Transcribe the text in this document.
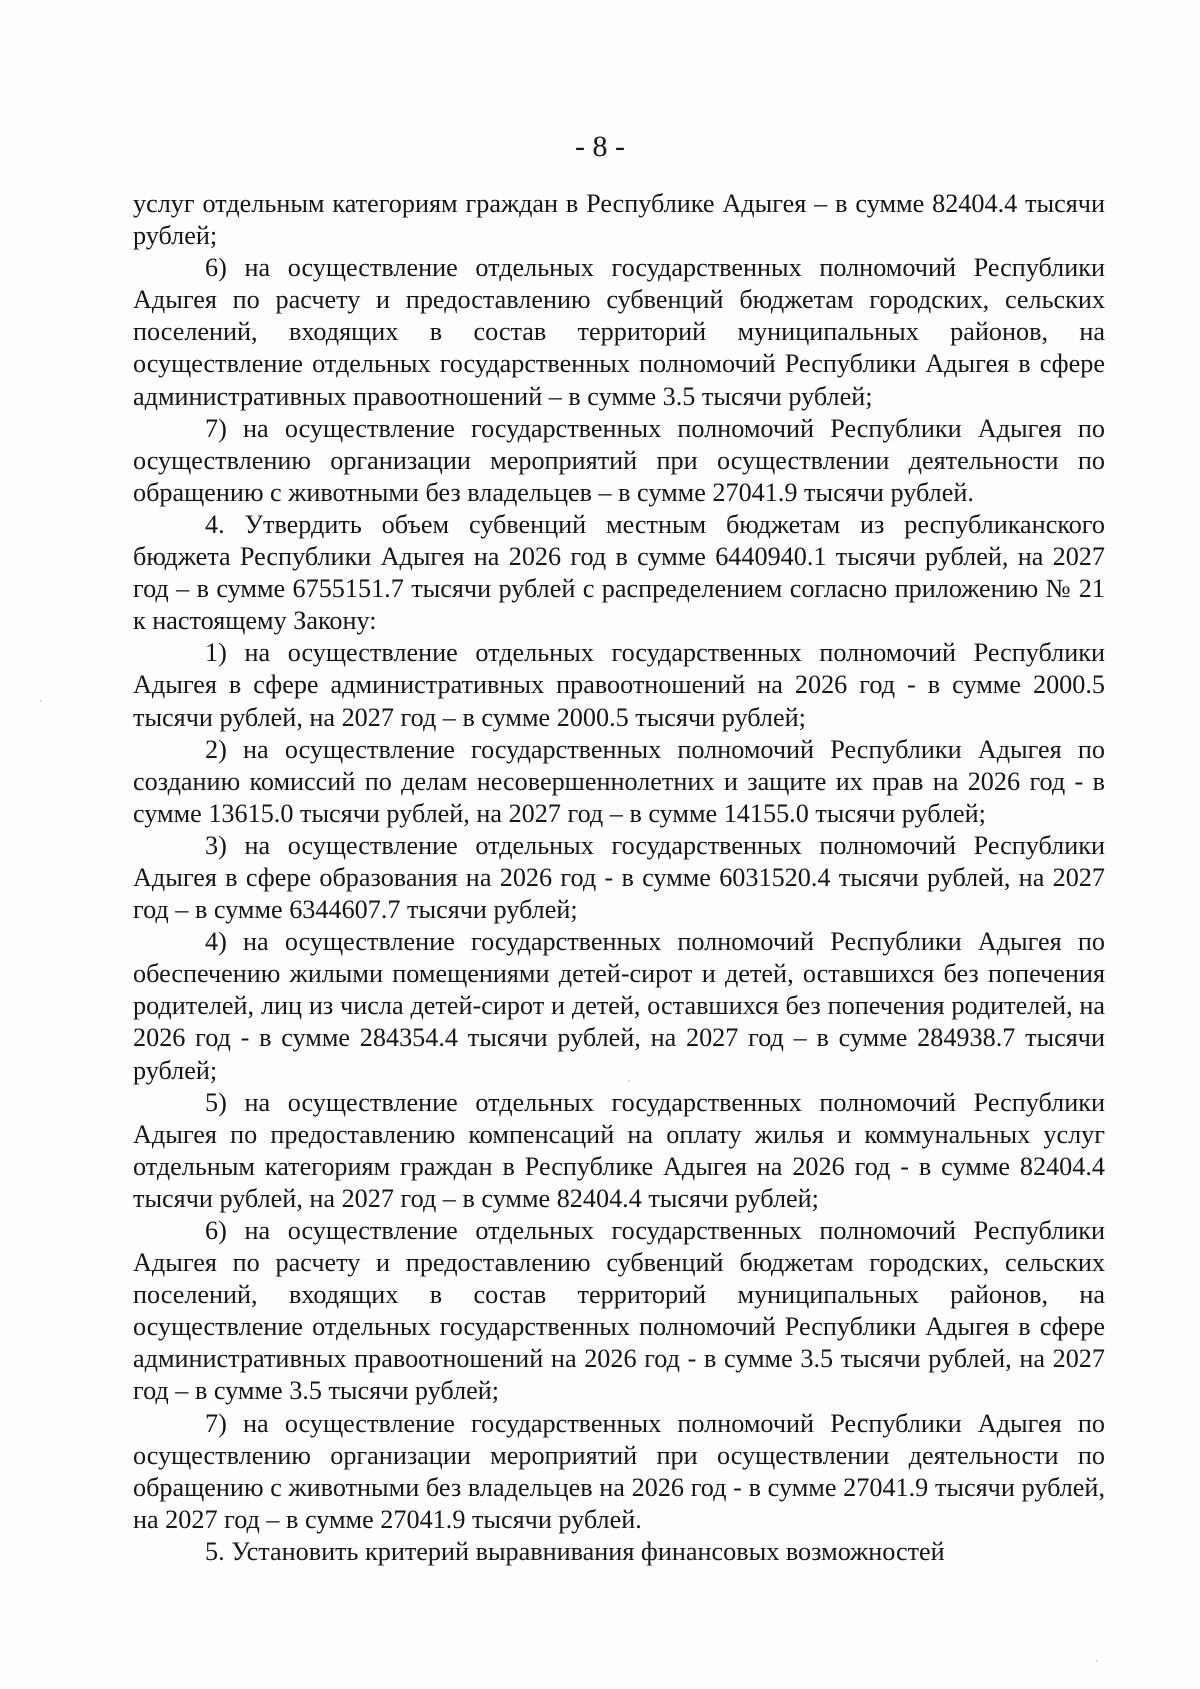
- 8 -

услуг отдельным категориям граждан в Республике Адыгея – в сумме 82404.4 тысячи рублей;

6) на осуществление отдельных государственных полномочий Республики Адыгея по расчету и предоставлению субвенций бюджетам городских, сельских поселений, входящих в состав территорий муниципальных районов, на осуществление отдельных государственных полномочий Республики Адыгея в сфере административных правоотношений – в сумме 3.5 тысячи рублей;

7) на осуществление государственных полномочий Республики Адыгея по осуществлению организации мероприятий при осуществлении деятельности по обращению с животными без владельцев – в сумме 27041.9 тысячи рублей.

4. Утвердить объем субвенций местным бюджетам из республиканского бюджета Республики Адыгея на 2026 год в сумме 6440940.1 тысячи рублей, на 2027 год – в сумме 6755151.7 тысячи рублей с распределением согласно приложению № 21 к настоящему Закону:

1) на осуществление отдельных государственных полномочий Республики Адыгея в сфере административных правоотношений на 2026 год - в сумме 2000.5 тысячи рублей, на 2027 год – в сумме 2000.5 тысячи рублей;

2) на осуществление государственных полномочий Республики Адыгея по созданию комиссий по делам несовершеннолетних и защите их прав на 2026 год - в сумме 13615.0 тысячи рублей, на 2027 год – в сумме 14155.0 тысячи рублей;

3) на осуществление отдельных государственных полномочий Республики Адыгея в сфере образования на 2026 год - в сумме 6031520.4 тысячи рублей, на 2027 год – в сумме 6344607.7 тысячи рублей;

4) на осуществление государственных полномочий Республики Адыгея по обеспечению жилыми помещениями детей-сирот и детей, оставшихся без попечения родителей, лиц из числа детей-сирот и детей, оставшихся без попечения родителей, на 2026 год - в сумме 284354.4 тысячи рублей, на 2027 год – в сумме 284938.7 тысячи рублей;

5) на осуществление отдельных государственных полномочий Республики Адыгея по предоставлению компенсаций на оплату жилья и коммунальных услуг отдельным категориям граждан в Республике Адыгея на 2026 год - в сумме 82404.4 тысячи рублей, на 2027 год – в сумме 82404.4 тысячи рублей;

6) на осуществление отдельных государственных полномочий Республики Адыгея по расчету и предоставлению субвенций бюджетам городских, сельских поселений, входящих в состав территорий муниципальных районов, на осуществление отдельных государственных полномочий Республики Адыгея в сфере административных правоотношений на 2026 год - в сумме 3.5 тысячи рублей, на 2027 год – в сумме 3.5 тысячи рублей;

7) на осуществление государственных полномочий Республики Адыгея по осуществлению организации мероприятий при осуществлении деятельности по обращению с животными без владельцев на 2026 год - в сумме 27041.9 тысячи рублей, на 2027 год – в сумме 27041.9 тысячи рублей.

5. Установить критерий выравнивания финансовых возможностей
